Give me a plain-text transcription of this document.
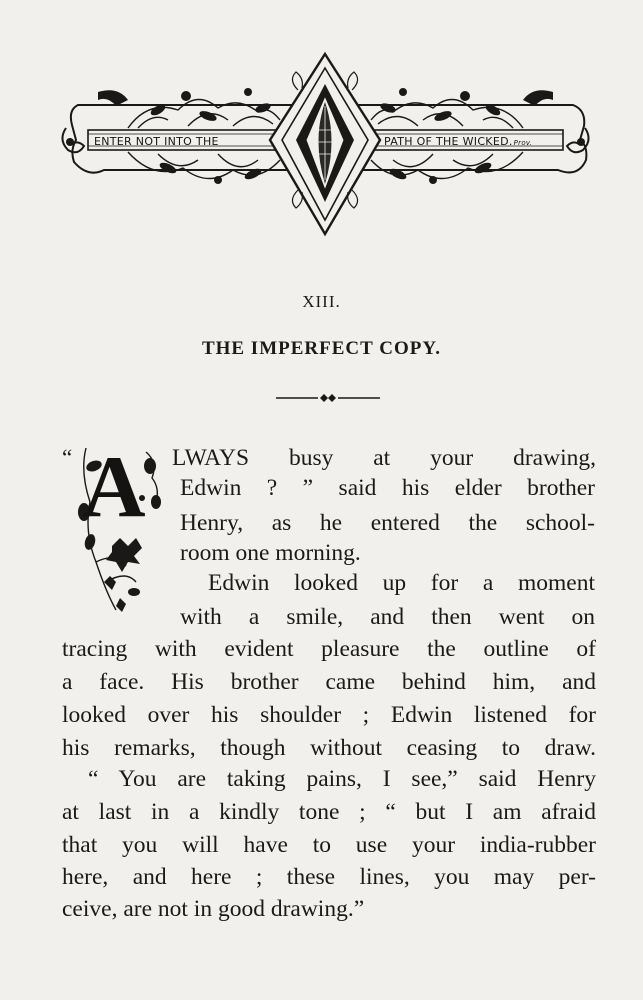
ENTER NOT INTO THE	PATH OF THE WICKED.Prov.
XIII.
THE IMPERFECT COPY.
“ A LWAYS busy at your drawing,
Edwin ? ” said his elder brother
Henry, as he entered the school-
room one morning.
Edwin looked up for a moment
with a smile, and then went on
tracing with evident pleasure the outline of
a face. His brother came behind him, and
looked over his shoulder ; Edwin listened for
his remarks, though without ceasing to draw.
“ You are taking pains, I see,” said Henry
at last in a kindly tone ; “ but I am afraid
that you will have to use your india-rubber
here, and here ; these lines, you may per-
ceive, are not in good drawing.”
